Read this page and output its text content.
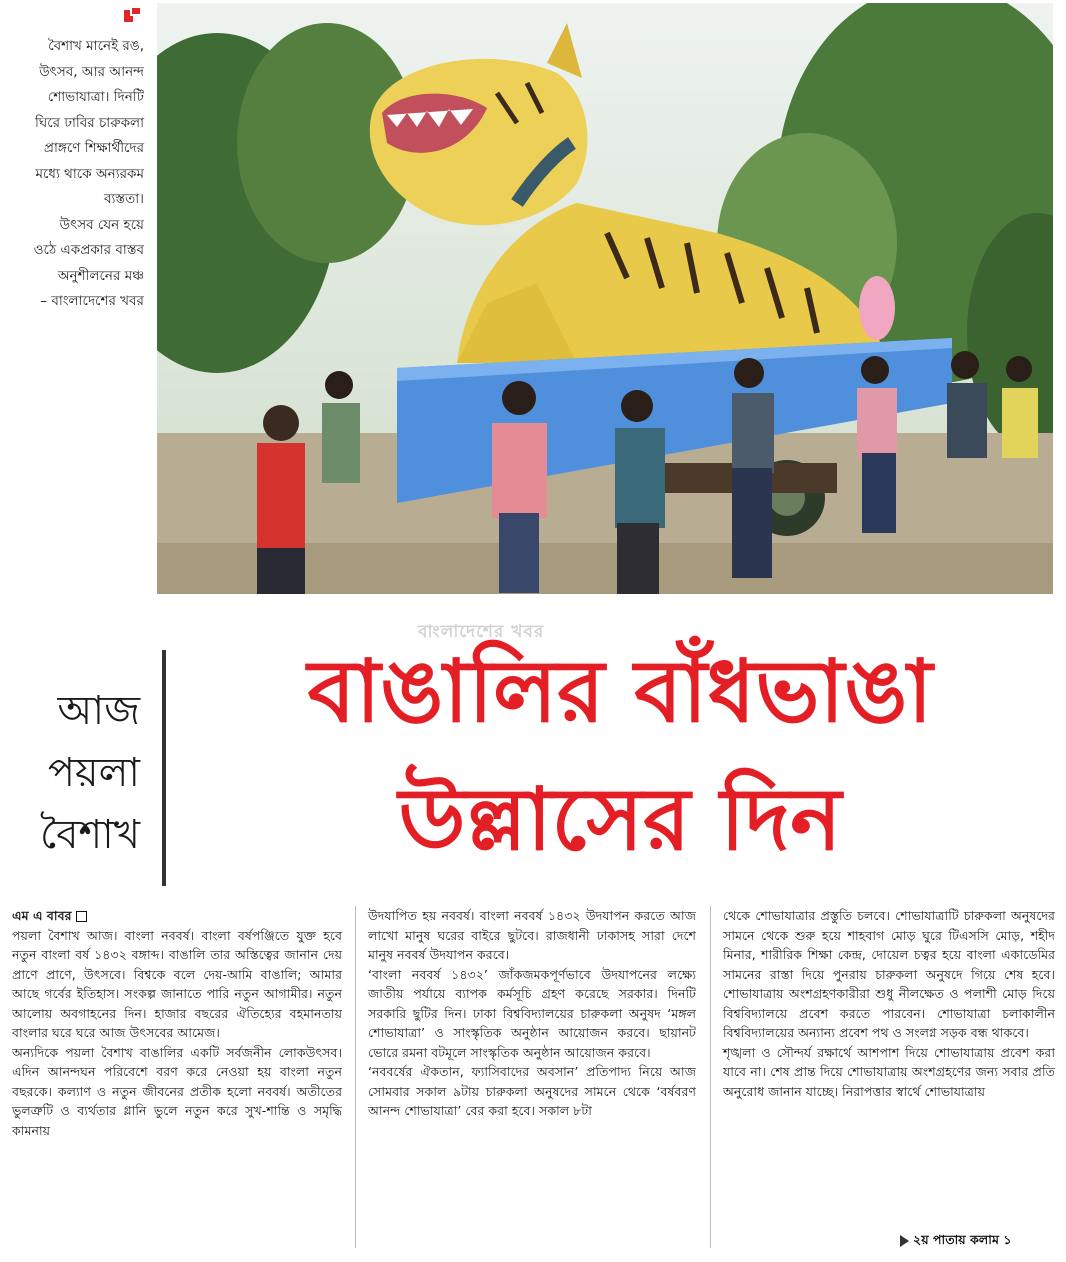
বৈশাখ মানেই রঙ,
উৎসব, আর আনন্দ
শোভাযাত্রা। দিনটি
ঘিরে ঢাবির চারুকলা
প্রাঙ্গণে শিক্ষার্থীদের
মধ্যে থাকে অন্যরকম
ব্যস্ততা।
উৎসব যেন হয়ে
ওঠে একপ্রকার বাস্তব
অনুশীলনের মঞ্চ
– বাংলাদেশের খবর
বাংলাদেশের খবর
আজ
পয়লা
বৈশাখ
বাঙালির বাঁধভাঙা
উল্লাসের দিন
এম এ বাবর

পয়লা বৈশাখ আজ। বাংলা নববর্ষ। বাংলা বর্ষপঞ্জিতে যুক্ত হবে নতুন বাংলা বর্ষ ১৪৩২ বঙ্গাব্দ। বাঙালি তার অস্তিত্বের জানান দেয় প্রাণে প্রাণে, উৎসবে। বিশ্বকে বলে দেয়-আমি বাঙালি; আমার আছে গর্বের ইতিহাস। সংকল্প জানাতে পারি নতুন আগামীর। নতুন আলোয় অবগাহনের দিন। হাজার বছরের ঐতিহ্যের বহমানতায় বাংলার ঘরে ঘরে আজ উৎসবের আমেজ।

অন্যদিকে পয়লা বৈশাখ বাঙালির একটি সর্বজনীন লোকউৎসব। এদিন আনন্দঘন পরিবেশে বরণ করে নেওয়া হয় বাংলা নতুন বছরকে। কল্যাণ ও নতুন জীবনের প্রতীক হলো নববর্ষ। অতীতের ভুলত্রুটি ও ব্যর্থতার গ্লানি ভুলে নতুন করে সুখ-শান্তি ও সমৃদ্ধি কামনায়

উদযাপিত হয় নববর্ষ। বাংলা নববর্ষ ১৪৩২ উদযাপন করতে আজ লাখো মানুষ ঘরের বাইরে ছুটবে। রাজধানী ঢাকাসহ সারা দেশে মানুষ নববর্ষ উদযাপন করবে।

‘বাংলা নববর্ষ ১৪৩২’ জাঁকজমকপূর্ণভাবে উদযাপনের লক্ষ্যে জাতীয় পর্যায়ে ব্যাপক কর্মসূচি গ্রহণ করেছে সরকার। দিনটি সরকারি ছুটির দিন। ঢাকা বিশ্ববিদ্যালয়ের চারুকলা অনুষদ ‘মঙ্গল শোভাযাত্রা’ ও সাংস্কৃতিক অনুষ্ঠান আয়োজন করবে। ছায়ানট ভোরে রমনা বটমূলে সাংস্কৃতিক অনুষ্ঠান আয়োজন করবে।

‘নববর্ষের ঐকতান, ফ্যাসিবাদের অবসান’ প্রতিপাদ্য নিয়ে আজ সোমবার সকাল ৯টায় চারুকলা অনুষদের সামনে থেকে ‘বর্ষবরণ আনন্দ শোভাযাত্রা’ বের করা হবে। সকাল ৮টা

থেকে শোভাযাত্রার প্রস্তুতি চলবে। শোভাযাত্রাটি চারুকলা অনুষদের সামনে থেকে শুরু হয়ে শাহবাগ মোড় ঘুরে টিএসসি মোড়, শহীদ মিনার, শারীরিক শিক্ষা কেন্দ্র, দোয়েল চত্বর হয়ে বাংলা একাডেমির সামনের রাস্তা দিয়ে পুনরায় চারুকলা অনুষদে গিয়ে শেষ হবে। শোভাযাত্রায় অংশগ্রহণকারীরা শুধু নীলক্ষেত ও পলাশী মোড় দিয়ে বিশ্ববিদ্যালয়ে প্রবেশ করতে পারবেন। শোভাযাত্রা চলাকালীন বিশ্ববিদ্যালয়ের অন্যান্য প্রবেশ পথ ও সংলগ্ন সড়ক বন্ধ থাকবে।

শৃঙ্খলা ও সৌন্দর্য রক্ষার্থে আশপাশ দিয়ে শোভাযাত্রায় প্রবেশ করা যাবে না। শেষ প্রান্ত দিয়ে শোভাযাত্রায় অংশগ্রহণের জন্য সবার প্রতি অনুরোধ জানান যাচ্ছে। নিরাপত্তার স্বার্থে শোভাযাত্রায়

২য় পাতায় কলাম ১
